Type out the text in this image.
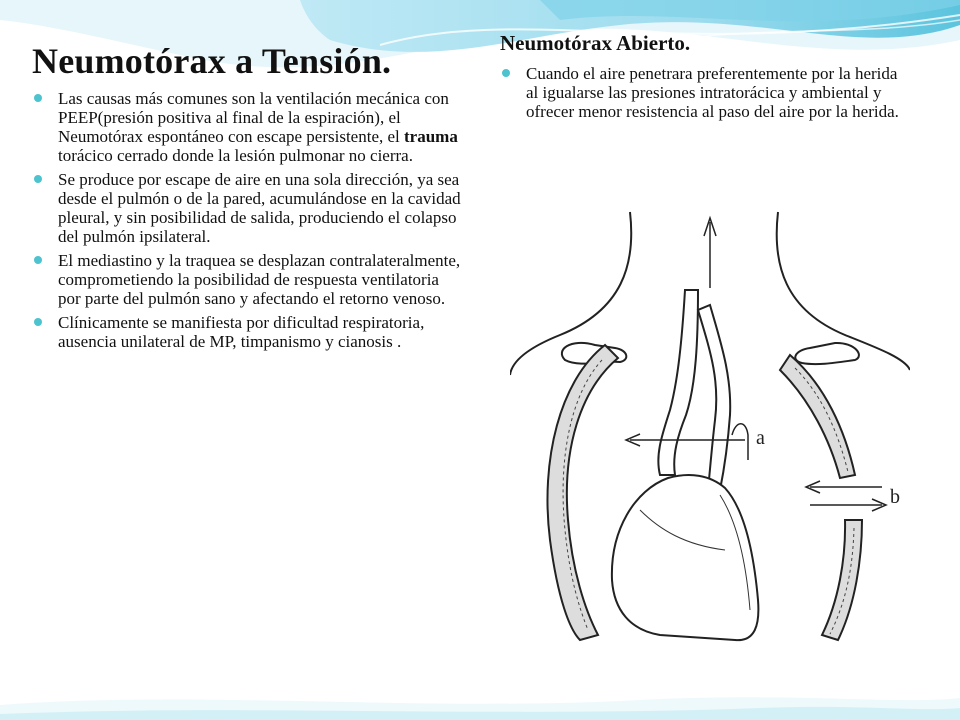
Neumotórax a Tensión.
Las causas más comunes son la ventilación mecánica con PEEP(presión positiva al final de la espiración), el Neumotórax espontáneo con escape persistente, el trauma torácico cerrado donde la lesión pulmonar no cierra.
Se produce por escape de aire en una sola dirección, ya sea desde el pulmón o de la pared, acumulándose en la cavidad pleural, y sin posibilidad de salida, produciendo el colapso del pulmón ipsilateral.
El mediastino y la traquea se desplazan contralateralmente, comprometiendo la posibilidad de respuesta ventilatoria por parte del pulmón sano y afectando el retorno venoso.
Clínicamente se manifiesta por dificultad respiratoria, ausencia unilateral de MP, timpanismo y cianosis .
Neumotórax Abierto.
Cuando el aire penetrara preferentemente por la herida al igualarse las presiones intratorácica y ambiental y ofrecer menor resistencia al paso del aire por la herida.
a
b
